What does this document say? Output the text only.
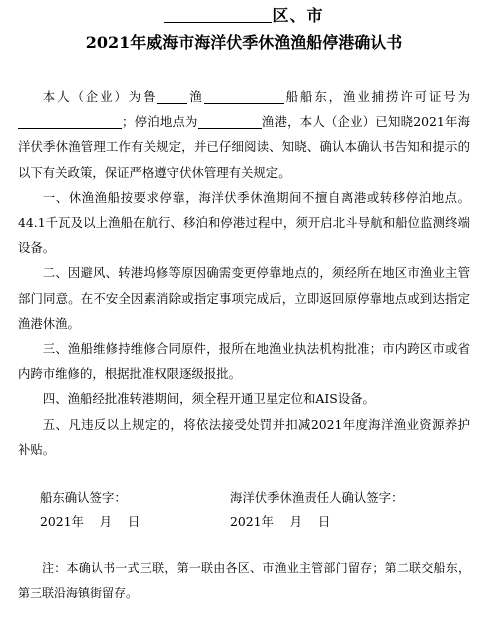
区、市
2021年威海市海洋伏季休渔渔船停港确认书

本人（企业）为鲁 渔	船船东，渔业捕捞许可证号为；停泊地点为	渔港，本人（企业）已知晓2021年海洋伏季休渔管理工作有关规定，并已仔细阅读、知晓、确认本确认书告知和提示的以下有关政策，保证严格遵守伏休管理有关规定。

一、休渔渔船按要求停靠，海洋伏季休渔期间不擅自离港或转移停泊地点。44.1千瓦及以上渔船在航行、移泊和停港过程中，须开启北斗导航和船位监测终端设备。

二、因避风、转港坞修等原因确需变更停靠地点的，须经所在地区市渔业主管部门同意。在不安全因素消除或指定事项完成后，立即返回原停靠地点或到达指定渔港休渔。

三、渔船维修持维修合同原件，报所在地渔业执法机构批准；市内跨区市或省内跨市维修的，根据批准权限逐级报批。

四、渔船经批准转港期间，须全程开通卫星定位和AIS设备。

五、凡违反以上规定的，将依法接受处罚并扣减2021年度海洋渔业资源养护补贴。

船东确认签字：	海洋伏季休渔责任人确认签字：
2021年    月    日	2021年    月    日

注：本确认书一式三联，第一联由各区、市渔业主管部门留存；第二联交船东，第三联沿海镇街留存。
